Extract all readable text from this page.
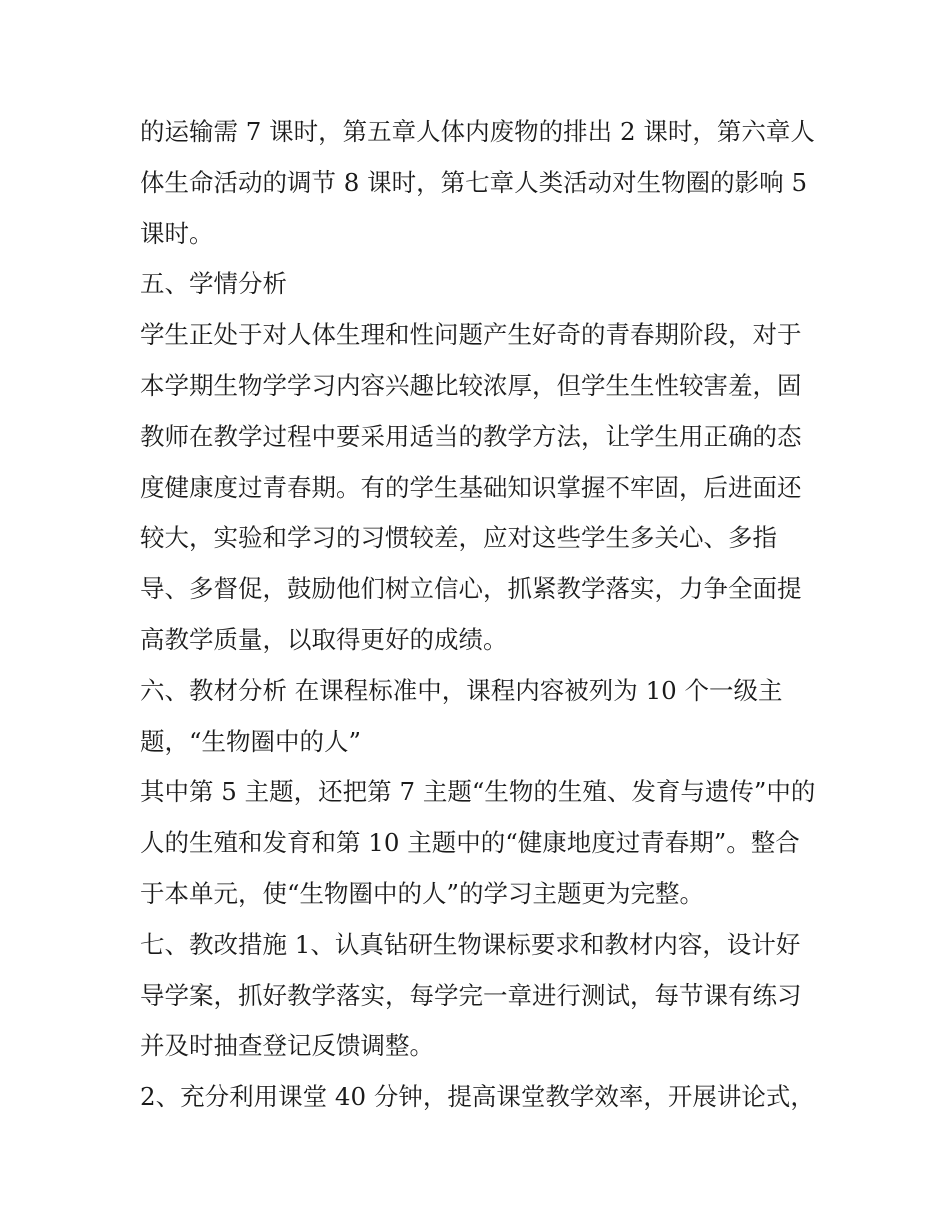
的运输需 7 课时，第五章人体内废物的排出 2 课时，第六章人
体生命活动的调节 8 课时，第七章人类活动对生物圈的影响 5
课时。
五、学情分析
学生正处于对人体生理和性问题产生好奇的青春期阶段，对于
本学期生物学学习内容兴趣比较浓厚，但学生生性较害羞，固
教师在教学过程中要采用适当的教学方法，让学生用正确的态
度健康度过青春期。有的学生基础知识掌握不牢固，后进面还
较大，实验和学习的习惯较差，应对这些学生多关心、多指
导、多督促，鼓励他们树立信心，抓紧教学落实，力争全面提
高教学质量，以取得更好的成绩。
六、教材分析 在课程标准中，课程内容被列为 10 个一级主
题，“生物圈中的人”
其中第 5 主题，还把第 7 主题“生物的生殖、发育与遗传”中的
人的生殖和发育和第 10 主题中的“健康地度过青春期”。整合
于本单元，使“生物圈中的人”的学习主题更为完整。
七、教改措施 1、认真钻研生物课标要求和教材内容，设计好
导学案，抓好教学落实，每学完一章进行测试，每节课有练习
并及时抽查登记反馈调整。
2、充分利用课堂 40 分钟，提高课堂教学效率，开展讲论式，
